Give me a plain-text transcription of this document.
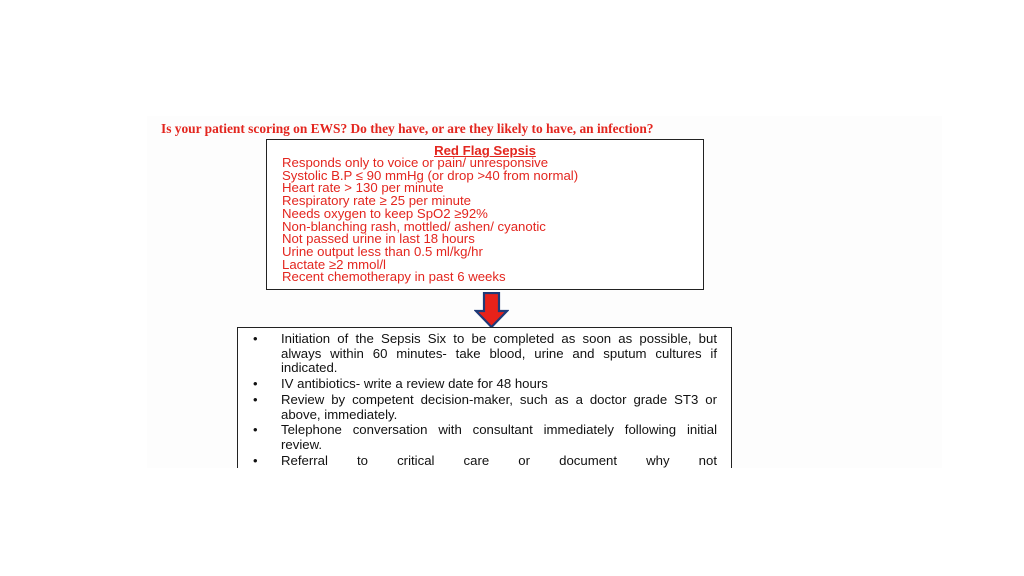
Is your patient scoring on EWS? Do they have, or are they likely to have, an infection?
Red Flag Sepsis
Responds only to voice or pain/ unresponsive
Systolic B.P ≤ 90 mmHg (or drop >40 from normal)
Heart rate > 130 per minute
Respiratory rate ≥ 25 per minute
Needs oxygen to keep SpO2 ≥92%
Non-blanching rash, mottled/ ashen/ cyanotic
Not passed urine in last 18 hours
Urine output less than 0.5 ml/kg/hr
Lactate ≥2 mmol/l
Recent chemotherapy in past 6 weeks
• Initiation of the Sepsis Six to be completed as soon as possible, but always within 60 minutes- take blood, urine and sputum cultures if indicated.
• IV antibiotics- write a review date for 48 hours
• Review by competent decision-maker, such as a doctor grade ST3 or above, immediately.
• Telephone conversation with consultant immediately following initial review.
• Referral to critical care or document why not
